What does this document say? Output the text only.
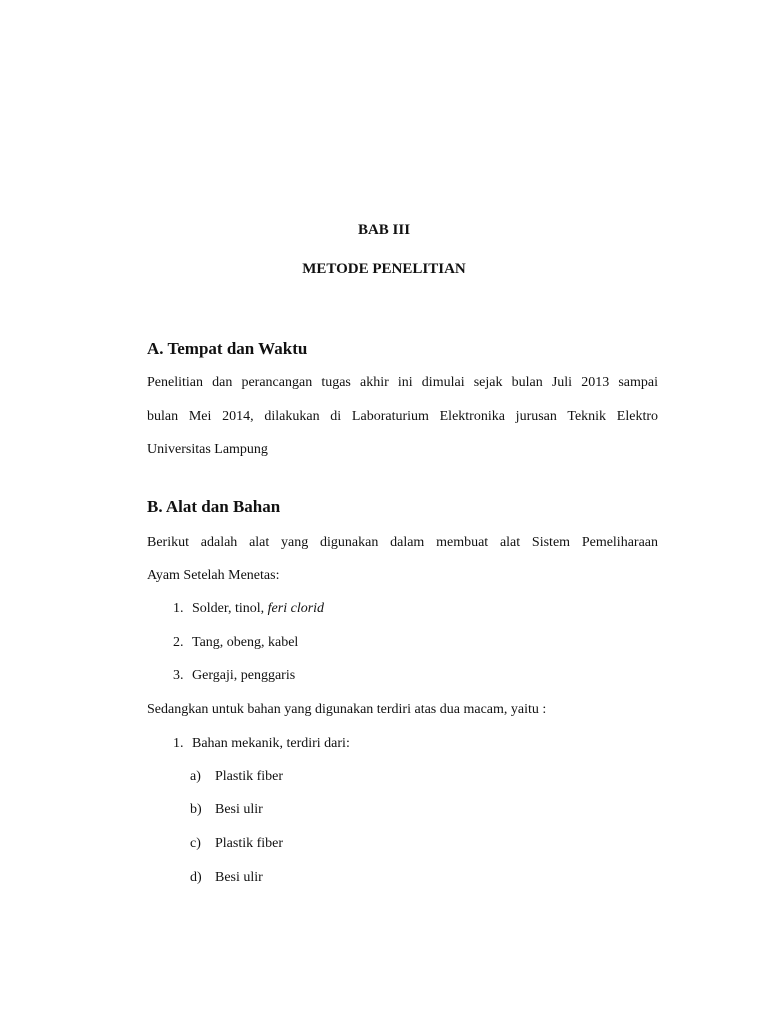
BAB III
METODE PENELITIAN
A. Tempat dan Waktu
Penelitian dan perancangan tugas akhir ini dimulai sejak bulan Juli 2013 sampai
bulan Mei 2014, dilakukan di Laboraturium Elektronika jurusan Teknik Elektro
Universitas Lampung
B. Alat dan Bahan
Berikut adalah alat yang digunakan dalam membuat alat Sistem Pemeliharaan
Ayam Setelah Menetas:
1. Solder, tinol, feri clorid
2. Tang, obeng, kabel
3. Gergaji, penggaris
Sedangkan untuk bahan yang digunakan terdiri atas dua macam, yaitu :
1. Bahan mekanik, terdiri dari:
a) Plastik fiber
b) Besi ulir
c) Plastik fiber
d) Besi ulir
